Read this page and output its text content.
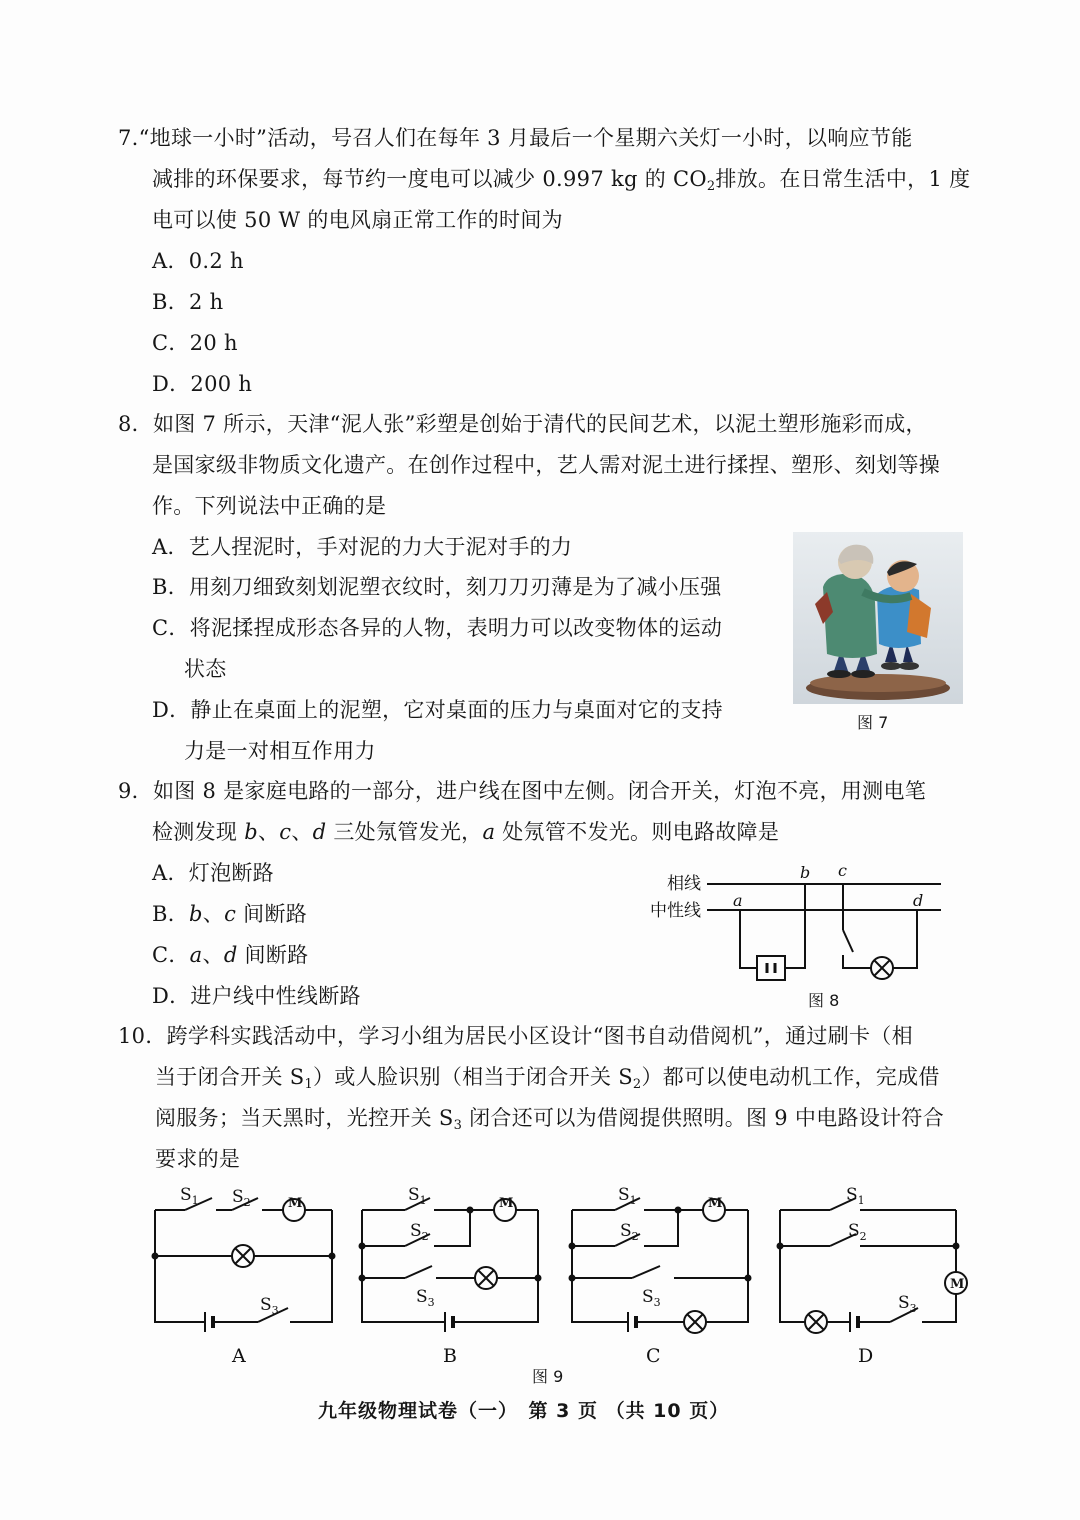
7.“地球一小时”活动，号召人们在每年 3 月最后一个星期六关灯一小时，以响应节能
减排的环保要求，每节约一度电可以减少 0.997 kg 的 $CO_2$排放。在日常生活中，1 度
电可以使 50 W 的电风扇正常工作的时间为
A．0.2 h
B．2 h
C．20 h
D．200 h
8．如图 7 所示，天津“泥人张”彩塑是创始于清代的民间艺术，以泥土塑形施彩而成，
是国家级非物质文化遗产。在创作过程中，艺人需对泥土进行揉捏、塑形、刻划等操
作。下列说法中正确的是
A．艺人捏泥时，手对泥的力大于泥对手的力
B．用刻刀细致刻划泥塑衣纹时，刻刀刀刃薄是为了减小压强
C．将泥揉捏成形态各异的人物，表明力可以改变物体的运动
状态
D．静止在桌面上的泥塑，它对桌面的压力与桌面对它的支持
力是一对相互作用力
图 7
9．如图 8 是家庭电路的一部分，进户线在图中左侧。闭合开关，灯泡不亮，用测电笔
检测发现 b、c、d 三处氖管发光，a 处氖管不发光。则电路故障是
A．灯泡断路
B．b、c 间断路
C．a、d 间断路
D．进户线中性线断路
相线
中性线
b c
a	d
图 8
10．跨学科实践活动中，学习小组为居民小区设计“图书自动借阅机”，通过刷卡（相
当于闭合开关 $S_1$）或人脸识别（相当于闭合开关 $S_2$）都可以使电动机工作，完成借
阅服务；当天黑时，光控开关 $S_3$ 闭合还可以为借阅提供照明。图 9 中电路设计符合
要求的是
$S_1$ $S_2$
$S_3$
M
A
$S_1$
$S_2$
$S_3$
M
B
$S_1$
$S_2$
$S_3$
M
C
$S_1$
$S_2$
$S_3$
M
D
图 9
九年级物理试卷（一）　第 3 页 （共 10 页）
